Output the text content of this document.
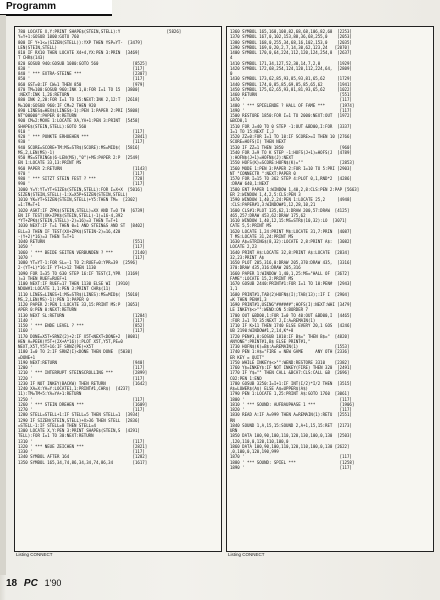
Programm
780 LOCATE X,Y:PRINT SHAPE$(STEIN,STELL):Y                   [5826]
Y=Y+1:GOSUB 1000:GOTO 760
800 IF Y+1<=(SIZEN(STELL)):YXP THEN YSP=YT-  [3479]
LEN(STEIN,STELL)
810 IF RX10 THEN LOCATE X4+4,YX:PEN 3:PRIN  [3469]
T CHR$(143)
820 GOSUB 940:GOSUB 1080:GOTO 560              [8525]
830 '                                          [117]
840 ' *** EXTRA-STEINE ***                     [2307]
850 '                                          [117]
860 GST=0:IF CW=1 THEN 850                     [979]
870 TM=100:GOSUB 960:INK 1,0:FOR I=1 TO 15  [3800]
:NEXT:INK 1,26:RETURN
880 INK 2,28:FOR I=1 TO 15:NEXT:INK 2,12:T  [2618]
M=100:GOSUB 960:IF CM=2 THEN 920
890 LINES$=HEX$(LINES$-1):PEN 1:PAPER 2:PRI [5808]
NT"00000":PAPER 0:RETURN
900 CM=2:MOVE 1:LOCATE XA,YA+1:PEN 3:PRINT  [5458]
SHAPE$(STEIN,STELL):GOTO 560
910 '                                          [117]
920 ' *** PUNKTE ERHOEHEN ***                  [2841]
930 '                                          [117]
940 SCORE=SCORE+TM:MS=STR$(SCORE):MS=MID$(  [5816]
MS,2,LEN(MS)-1)
950 MS=STRING$(6-LEN(MS),"0")+MS:PAPER 2:P  [2549]
EN 1:LOCATE 33,13:PRINT MS
960 PAPER 2:RETURN                             [1143]
970 '                                          [117]
980 ' *** SITZT STEIN FEST ? ***               [728]
990 '                                          [117]
1000 Y=Y:YT=YT+SIZE$(STEIN,STELL):FOR I=X+X  [5016]
SIZEN(STEIN,STELL)-1:X=X5P+SIZEN(STEIN,STELL)
1010 YK=YT+SIZEN(STEIN,STELL)+Y5:THEN TM=  [2302]
=1:TM=T+1
1020 ASKT:IF ZPK$(STEIN,STELL)=XX AND T=O TH  [6739]
EN IF TEST(XK+ZPK$(STEIN,STELL)-1)=16-4,392
*YT+ZPK$(STEIN,STELL)-2)=16)=3 THEN T=T+1
1030 NEXT:IF T=1 THEN 0=1 AND STEIN&S AND ST  [8402]
ELL=3 THEN IF TEST(XX+ZPK$(STEIN-2)=16,420
-(Y+2)*16)=3 THEN T=T+1
1040 RETURN                                    [551]
1050 '                                         [117]
1060 ' *** BEIDE SEITEN VERBUNDEN ? ***        [2140]
1070 '                                         [117]
1080 YT=YT-1:FOR SL=-1 TO 2:RUEF=0:YPR=39  [2596]
2-(YT+L)*16:IF YT+L>12 THEN 1130
1090 FOR I=35 TO 630 STEP 16:IF TEST(I,YPR  [3169]
)=3 THEN RUEF=RUEF+1
1100 NEXT:IF RUEF=17 THEN 1130 ELSE WI  [3910]
NDOW#1:LOCATE 1,1:PEN 3:PRINT CHR$(11)
1110 LINES=LINES+1:MS=STR$(LINES):MS=MID$(  [5010]
MS,2,LEN(MS)-1):PEN 1:PAPER 0
1120 PAPER 2:PEN 1:LOCATE 33,15:PRINT MS:P  [3053]
APER 0:PEN 0:NEXT:RETURN
1130 NEXT SL:RETURN                            [1284]
1140 '                                         [117]
1150 ' *** ENDE LEVEL ? ***                    [852]
1160 '                                         [117]
1170 DONE=X5T+SRNZ(2)+2:IF X5T<NEXT<DONE+2  [8081]
HEN A=PEEK(Y5T+(2X+A*16)):PLOT X5T,Y5T,PE=0
NEXT,X5T,Y5T+16:IF SRNZ(PE)+X5T
1180 I=0 TO 2:IF SRNZ(I)<DONE THEN DONE  [5030]
=DONE+1
1190 NEXT:RETURN                               [940]
1200 '                                         [117]
1210 ' *** INTERRUPT STEINSCROLLING ***        [2899]
1220 '                                         [117]
1230 IF NOT INKEY(BACKW) THEN RETURN           [1642]
1240 XA=X:YA=Y:LOCATE1,1:PRINT#1,CHR$(  [4237]
11):TM=TM+5:YA=YA+1:RETURN
1250 '                                         [117]
1260 ' *** STEIN DREHEN ***                    [1609]
1270 '                                         [117]
1280 STELL=STELL+1:IF STELL=5 THEN STELL=1  [3934]
1290 IF SIZEN(STEIN,STELL)+X>36 THEN STELL  [2836]
=STELL-1:IF STELL=0 THEN STELL=4
1300 LOCATE X,Y:PEN 3:PRINT SHAPE$(STEIN,S  [4291]
TELL):FOR I=1 TO 30:NEXT:RETURN
1310 '                                         [117]
1320 ' *** NEUE ZEICHEN ***                    [2821]
1330 '                                         [117]
1340 SYMBOL AFTER 164                          [1282]
1350 SYMBOL 165,34,74,86,34,34,74,86,34        [1617]
1360 SYMBOL 165,168,108,82,68,68,106,82,68  [2253]
1370 SYMBOL 167,0,102,153,88,36,68,255,0    [2053]
1380 SYMBOL 168,0,255,34,68,16,102,153,0    [2035]
1390 SYMBOL 169,0,20,2,7,14,30,62,123,24   [2070]
1400 SYMBOL 170,0,64,224,112,120,124,254,8  [2637]
4
1410 SYMBOL 171,34,127,52,30,14,7,2,0       [1929]
1420 SYMBOL 172,68,254,124,120,112,224,64,  [2809]
0
1430 SYMBOL 173,62,85,93,85,93,81,65,62     [1729]
1440 SYMBOL 174,0,85,85,69,85,85,65,62      [1941]
1450 SYMBOL 175,62,65,93,81,81,93,65,62     [1022]
1460 RETURN                                  [551]
1470 '                                       [117]
1480 ' *** SPIELENDE ? HALL OF FAME ***      [1974]
1490 '                                       [117]
1500 RESTORE 1850:FOR I=1 TO 2000:NEXT:OUT  [1972]
&BCD0,1
1510 FOR J=40 TO 0 STEP -1:OUT &BD00,I:FOR  [3337]
I=1 TO 15:NEXT I,J
1520 ZZ=0:FOR I=1 TO 10:IF SCORE>=I THEN 10 [2766]
SCORE=HOFS(I) THEN NEXT
1530 IF ZZ=1 THEN 1850                       [960]
1540 FOR J=9 TO K STEP -1:HOFS(J+1)=HOFS(J  [4789]
):HOFN$(J+1)=HOFN$(J):NEXT
1550 HOFS(K)=SCORE:HOFN$(K)=""               [2853]
1560 MODE 1:PEN 3:PAPER 2:FOR I=10 TO 5:PRI [2903]
NT "CONNECTR ":NEXT:PAPER 0
1570 FOR I=15 TO 362 STEP 4:PLOT 0,1,RND*2  [4286]
:DRAW 640,1:NEXT
1580 ENT PAPER 1:WINDOW 1,40,2,8:CLS:PEN 2:PAP [5663]
ER 2:WINDOW 1,4,2,5:CLS:PEN 3
1590 WINDOW 1,40,2,24:PEN 1:LOCATE 25,2     [4948]
:CLS:PAPER#1,3:WINDOW#1,12,28,10,21
1600 CLS#1:PLOT 135,62,1:DRAW 200,57:DRAW  [4125]
465,257:DRAW 453,62:DRAW 175,62
1610 WINDOW 1,40,12,15:MS=STR$(10,32):LO  [3071]
CATE 5,5:PRINT MS
1620 LOCATE 1,24:PRINT M$:LOCATE 31,7:PRIN  [4087]
T MS:LOCATE 31,24:PRINT MS
1630 A$=STRING$(8,32):LOCATE 2,8:PRINT A$:  [3082]
LOCATE 2,23
1640 PRINT A$:LOCATE 32,8:PRINT A$:LOCATE  [2834]
32,23:PRINT A$
1650 PLOT 205,316,0:DRAW 205,370:DRAW 435,  [3316]
370:DRAW 435,316:DRAW 205,316
1660 PAPER 1:WINDOW 1,40,1,25:MS="HALL OF  [3672]
FAME":LOCATE 15,2:PRINT MS
1670 GOSUB 2440:PRINT#1:FOR I=1 TO 10:PEN#  [2943]
1,1
1680 PRINT#1,TAB(2)HOFN$(I);TAB(13);:IF I  [2904]
=K THEN PEN#1,3
1690 PRINT#1,USING"######";HOFS(I):NEXT:WHI [3479]
LE INKEY$<>"":WEND:ON 5:BORDER 7
1700 OUT &BD00,1:FOR I=0 TO 40:OUT &BD00,I  [4465]
:FOR J=1 TO 35:NEXT J,I:A=REMAIN(1)
1710 IF K>11 THEN 1740 ELSE EVERY 20,1 GOS  [4246]
UB 2190:WINDOW#1,2,14,K*+8
1720 PEN#1,0:GOSUB 1810:IF B$=" THEN B$="  [4820]
ANYONE":PRINT#1,B$ ELSE PRINT#1,"
1730 HOFN$(K)=B$:A=REMAIN(1)               [1553]
1740 PEN 1:A$="FIRE = NEW GAME     ANY OTH [2336]
ER KEY = QUIT"
1750 WHILE INKEY$<>"":WEND:RESTORE 3310    [2382]
1760 Y$=INKEY$:IF NOT INKEY(FIRE) THEN 320  [2491]
1770 IF Y$="" THEN CALL &BCA7:CLS:CALL &B  [2696]
C02:PEN 1:END
1780 GOSUB 3250:I=I+1:IF INT(I/2)*I/2 THEN  [3515]
A$=LOWER$(A$) ELSE A$=UPPER$(A$)
1790 PEN 1:LOCATE 1,25:PRINT A$:GOTO 1760  [3061]
1800 '                                       [117]
1810 ' *** SOUND: AUFBAUPHASE 1 ***          [1906]
1820 '                                       [117]
1830 READ A:IF A=999 THEN A=REMAIN(1):RETU  [2551]
RN
1840 SOUND 1,A,15,15:SOUND 2,A+1,15,15:RET  [2173]
URN
1850 DATA 100,90,100,110,120,130,100,0,130  [2503]
,120,110,0,120,110,100,0
1860 DATA 100,90,100,110,120,110,100,0,130 [2622]
,0,100,0,120,190,999
1870 '                                       [117]
1880 ' *** SOUND: SPIEL ***                  [1258]
1890 '                                       [117]
Listing CONNECT	Listing CONNECT
18 PC 1'90
